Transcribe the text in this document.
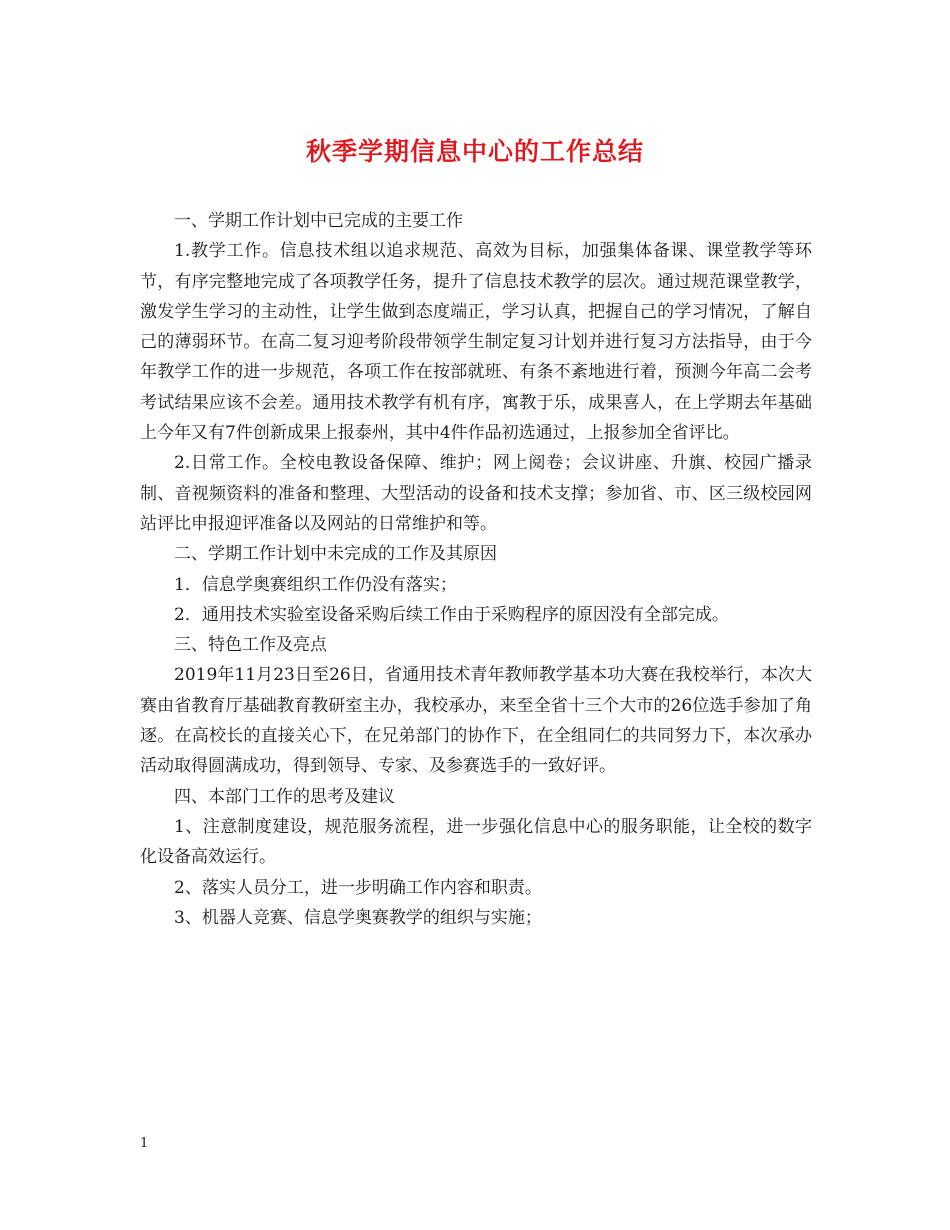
秋季学期信息中心的工作总结

一、学期工作计划中已完成的主要工作

1.教学工作。信息技术组以追求规范、高效为目标，加强集体备课、课堂教学等环节，有序完整地完成了各项教学任务，提升了信息技术教学的层次。通过规范课堂教学，激发学生学习的主动性，让学生做到态度端正，学习认真，把握自己的学习情况，了解自己的薄弱环节。在高二复习迎考阶段带领学生制定复习计划并进行复习方法指导，由于今年教学工作的进一步规范，各项工作在按部就班、有条不紊地进行着，预测今年高二会考考试结果应该不会差。通用技术教学有机有序，寓教于乐，成果喜人，在上学期去年基础上今年又有7件创新成果上报泰州，其中4件作品初选通过，上报参加全省评比。

2.日常工作。全校电教设备保障、维护；网上阅卷；会议讲座、升旗、校园广播录制、音视频资料的准备和整理、大型活动的设备和技术支撑；参加省、市、区三级校园网站评比申报迎评准备以及网站的日常维护和等。

二、学期工作计划中未完成的工作及其原因

1．信息学奥赛组织工作仍没有落实；

2．通用技术实验室设备采购后续工作由于采购程序的原因没有全部完成。

三、特色工作及亮点

2019年11月23日至26日，省通用技术青年教师教学基本功大赛在我校举行，本次大赛由省教育厅基础教育教研室主办，我校承办，来至全省十三个大市的26位选手参加了角逐。在高校长的直接关心下，在兄弟部门的协作下，在全组同仁的共同努力下，本次承办活动取得圆满成功，得到领导、专家、及参赛选手的一致好评。

四、本部门工作的思考及建议

1、注意制度建设，规范服务流程，进一步强化信息中心的服务职能，让全校的数字化设备高效运行。

2、落实人员分工，进一步明确工作内容和职责。

3、机器人竞赛、信息学奥赛教学的组织与实施；

1
